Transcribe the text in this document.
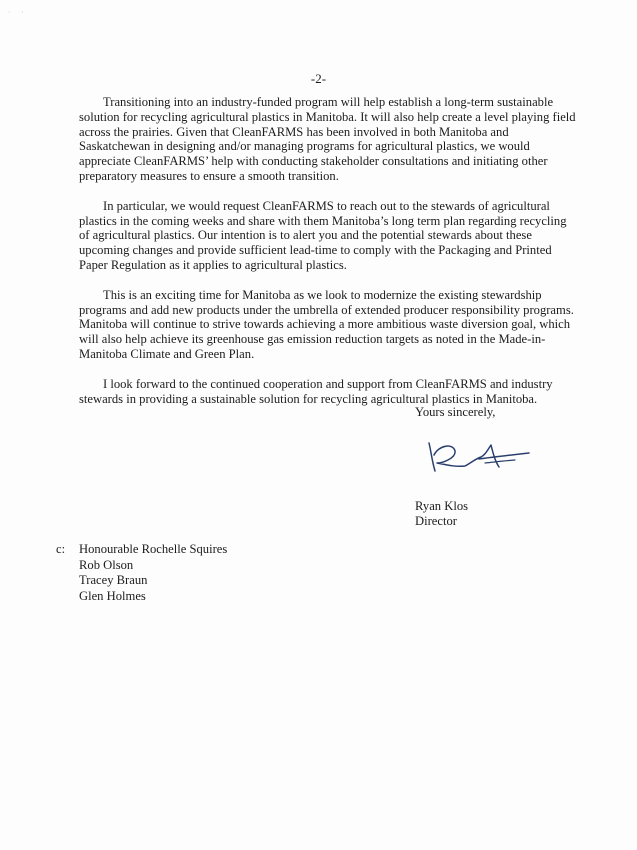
· ·
-2-

Transitioning into an industry-funded program will help establish a long-term sustainable solution for recycling agricultural plastics in Manitoba. It will also help create a level playing field across the prairies. Given that CleanFARMS has been involved in both Manitoba and Saskatchewan in designing and/or managing programs for agricultural plastics, we would appreciate CleanFARMS’ help with conducting stakeholder consultations and initiating other preparatory measures to ensure a smooth transition.

In particular, we would request CleanFARMS to reach out to the stewards of agricultural plastics in the coming weeks and share with them Manitoba’s long term plan regarding recycling of agricultural plastics. Our intention is to alert you and the potential stewards about these upcoming changes and provide sufficient lead-time to comply with the Packaging and Printed Paper Regulation as it applies to agricultural plastics.

This is an exciting time for Manitoba as we look to modernize the existing stewardship programs and add new products under the umbrella of extended producer responsibility programs. Manitoba will continue to strive towards achieving a more ambitious waste diversion goal, which will also help achieve its greenhouse gas emission reduction targets as noted in the Made-in-Manitoba Climate and Green Plan.

I look forward to the continued cooperation and support from CleanFARMS and industry stewards in providing a sustainable solution for recycling agricultural plastics in Manitoba.

Yours sincerely,
Ryan Klos
Director
c:	Honourable Rochelle Squires
Rob Olson
Tracey Braun
Glen Holmes
